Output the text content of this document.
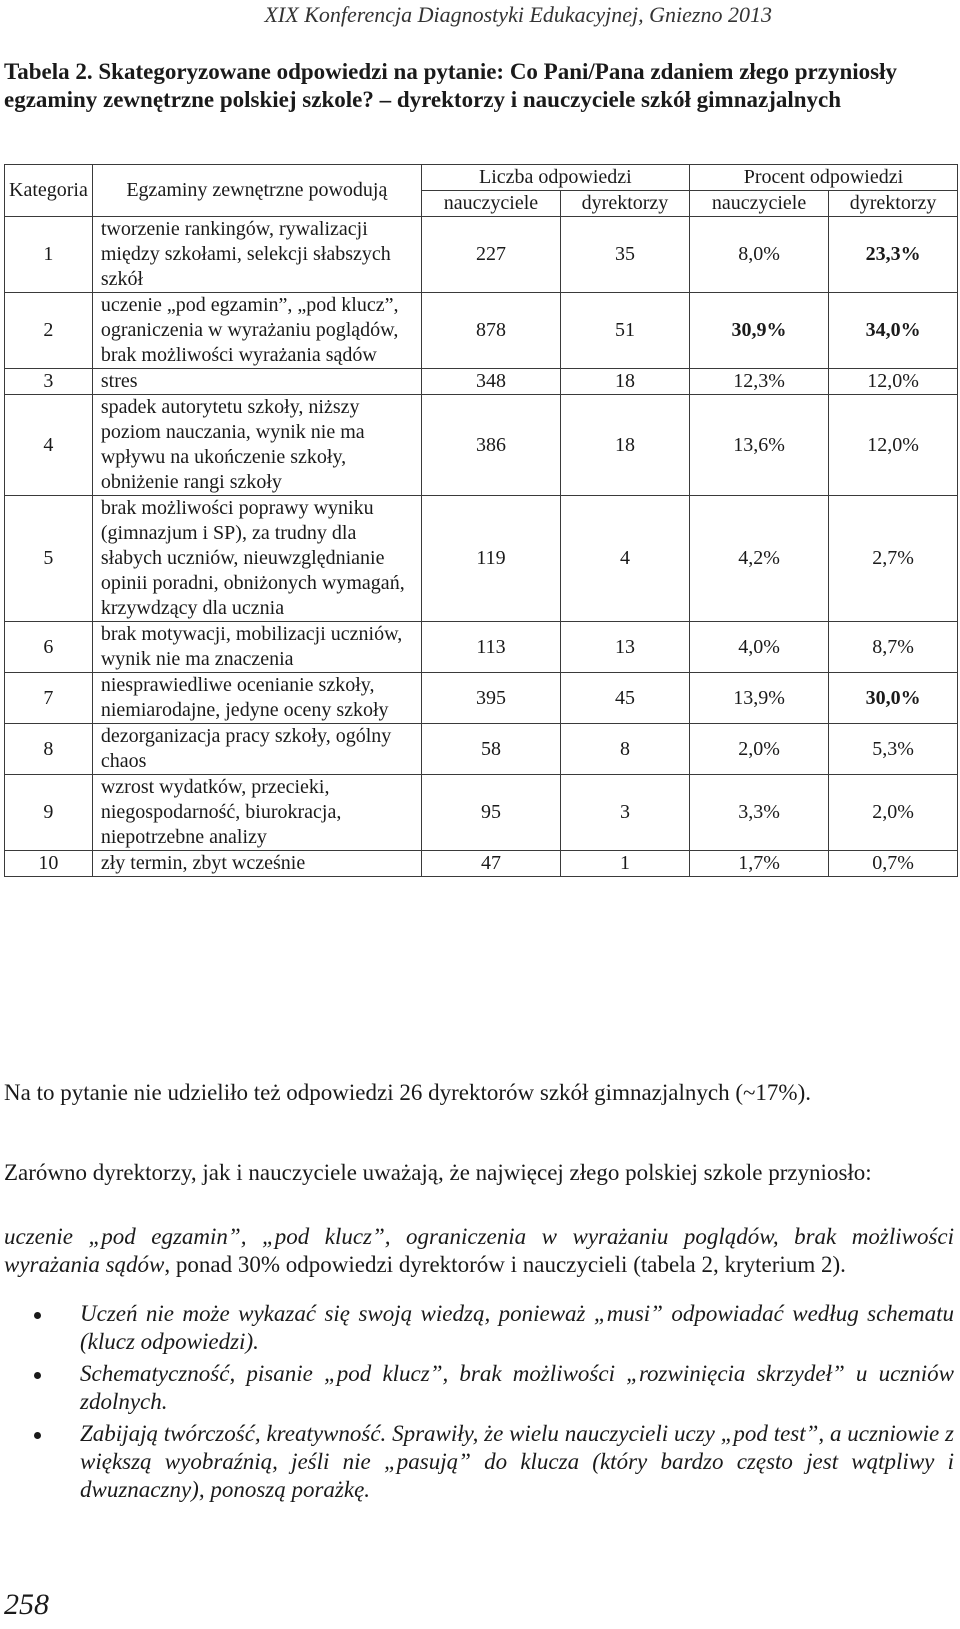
XIX Konferencja Diagnostyki Edukacyjnej, Gniezno 2013
Tabela 2. Skategoryzowane odpowiedzi na pytanie: Co Pani/Pana zdaniem złego przyniosły egzaminy zewnętrzne polskiej szkole? – dyrektorzy i nauczyciele szkół gimnazjalnych
Kategoria	Egzaminy zewnętrzne powodują	Liczba odpowiedzi		Procent odpowiedzi	
		nauczyciele	dyrektorzy	nauczyciele	dyrektorzy
1	tworzenie rankingów, rywalizacji między szkołami, selekcji słabszych szkół	227	35	8,0%	23,3%
2	uczenie „pod egzamin”, „pod klucz”, ograniczenia w wyrażaniu poglądów, brak możliwości wyrażania sądów	878	51	30,9%	34,0%
3	stres	348	18	12,3%	12,0%
4	spadek autorytetu szkoły, niższy poziom nauczania, wynik nie ma wpływu na ukończenie szkoły, obniżenie rangi szkoły	386	18	13,6%	12,0%
5	brak możliwości poprawy wyniku (gimnazjum i SP), za trudny dla słabych uczniów, nieuwzględnianie opinii poradni, obniżonych wymagań, krzywdzący dla ucznia	119	4	4,2%	2,7%
6	brak motywacji, mobilizacji uczniów, wynik nie ma znaczenia	113	13	4,0%	8,7%
7	niesprawiedliwe ocenianie szkoły, niemiarodajne, jedyne oceny szkoły	395	45	13,9%	30,0%
8	dezorganizacja pracy szkoły, ogólny chaos	58	8	2,0%	5,3%
9	wzrost wydatków, przecieki, niegospodarność, biurokracja, niepotrzebne analizy	95	3	3,3%	2,0%
10	zły termin, zbyt wcześnie	47	1	1,7%	0,7%
Na to pytanie nie udzieliło też odpowiedzi 26 dyrektorów szkół gimnazjalnych (~17%).
Zarówno dyrektorzy, jak i nauczyciele uważają, że najwięcej złego polskiej szkole przyniosło:
uczenie „pod egzamin”, „pod klucz”, ograniczenia w wyrażaniu poglądów, brak możliwości wyrażania sądów, ponad 30% odpowiedzi dyrektorów i nauczycieli (tabela 2, kryterium 2).
Uczeń nie może wykazać się swoją wiedzą, ponieważ „musi” odpowiadać według schematu (klucz odpowiedzi).
Schematyczność, pisanie „pod klucz”, brak możliwości „rozwinięcia skrzydeł” u uczniów zdolnych.
Zabijają twórczość, kreatywność. Sprawiły, że wielu nauczycieli uczy „pod test”, a uczniowie z większą wyobraźnią, jeśli nie „pasują” do klucza (który bardzo często jest wątpliwy i dwuznaczny), ponoszą porażkę.
258
